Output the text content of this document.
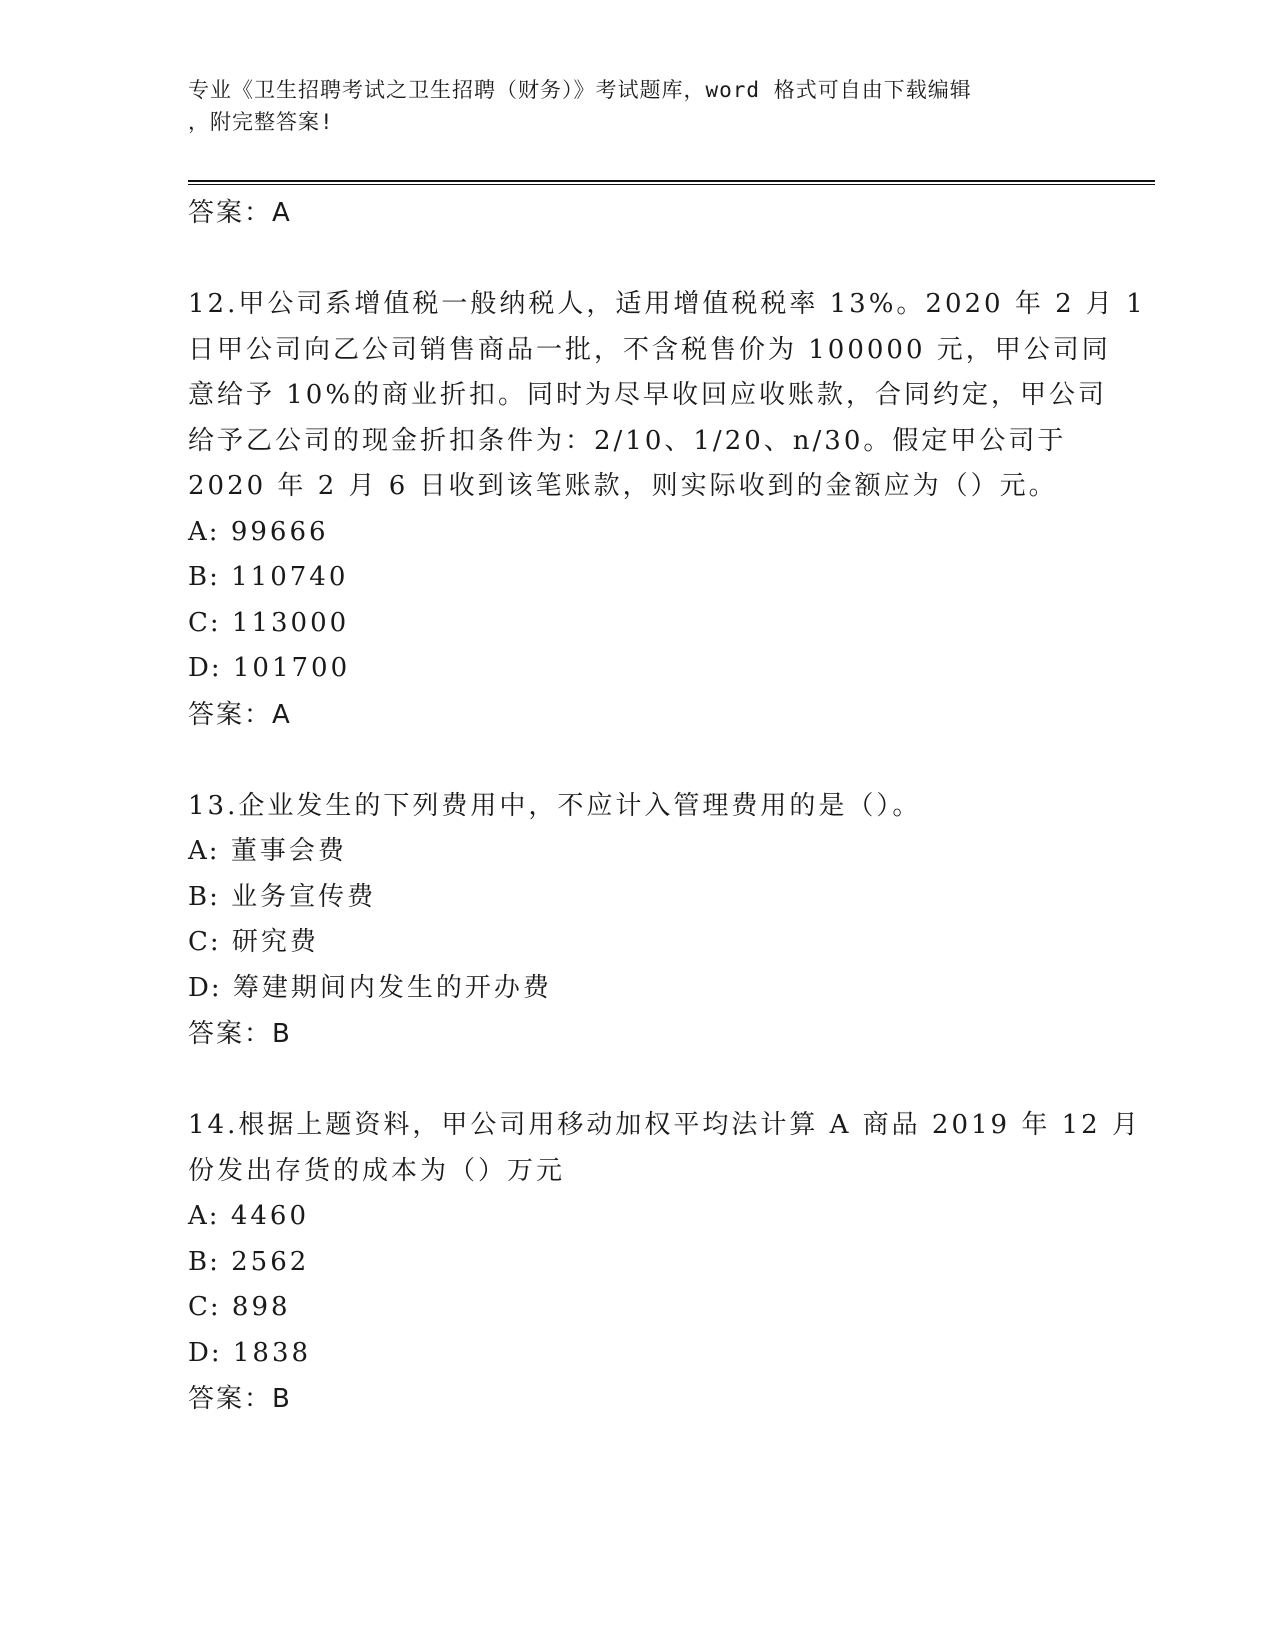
专业《卫生招聘考试之卫生招聘（财务）》考试题库，word 格式可自由下载编辑
，附完整答案!
答案：A
12.甲公司系增值税一般纳税人，适用增值税税率 13%。2020 年 2 月 1
日甲公司向乙公司销售商品一批，不含税售价为 100000 元，甲公司同
意给予 10%的商业折扣。同时为尽早收回应收账款，合同约定，甲公司
给予乙公司的现金折扣条件为：2/10、1/20、n/30。假定甲公司于
2020 年 2 月 6 日收到该笔账款，则实际收到的金额应为（）元。
A: 99666
B: 110740
C: 113000
D: 101700
答案：A
13.企业发生的下列费用中，不应计入管理费用的是（）。
A: 董事会费
B: 业务宣传费
C: 研究费
D: 筹建期间内发生的开办费
答案：B
14.根据上题资料，甲公司用移动加权平均法计算 A 商品 2019 年 12 月
份发出存货的成本为（）万元
A: 4460
B: 2562
C: 898
D: 1838
答案：B
